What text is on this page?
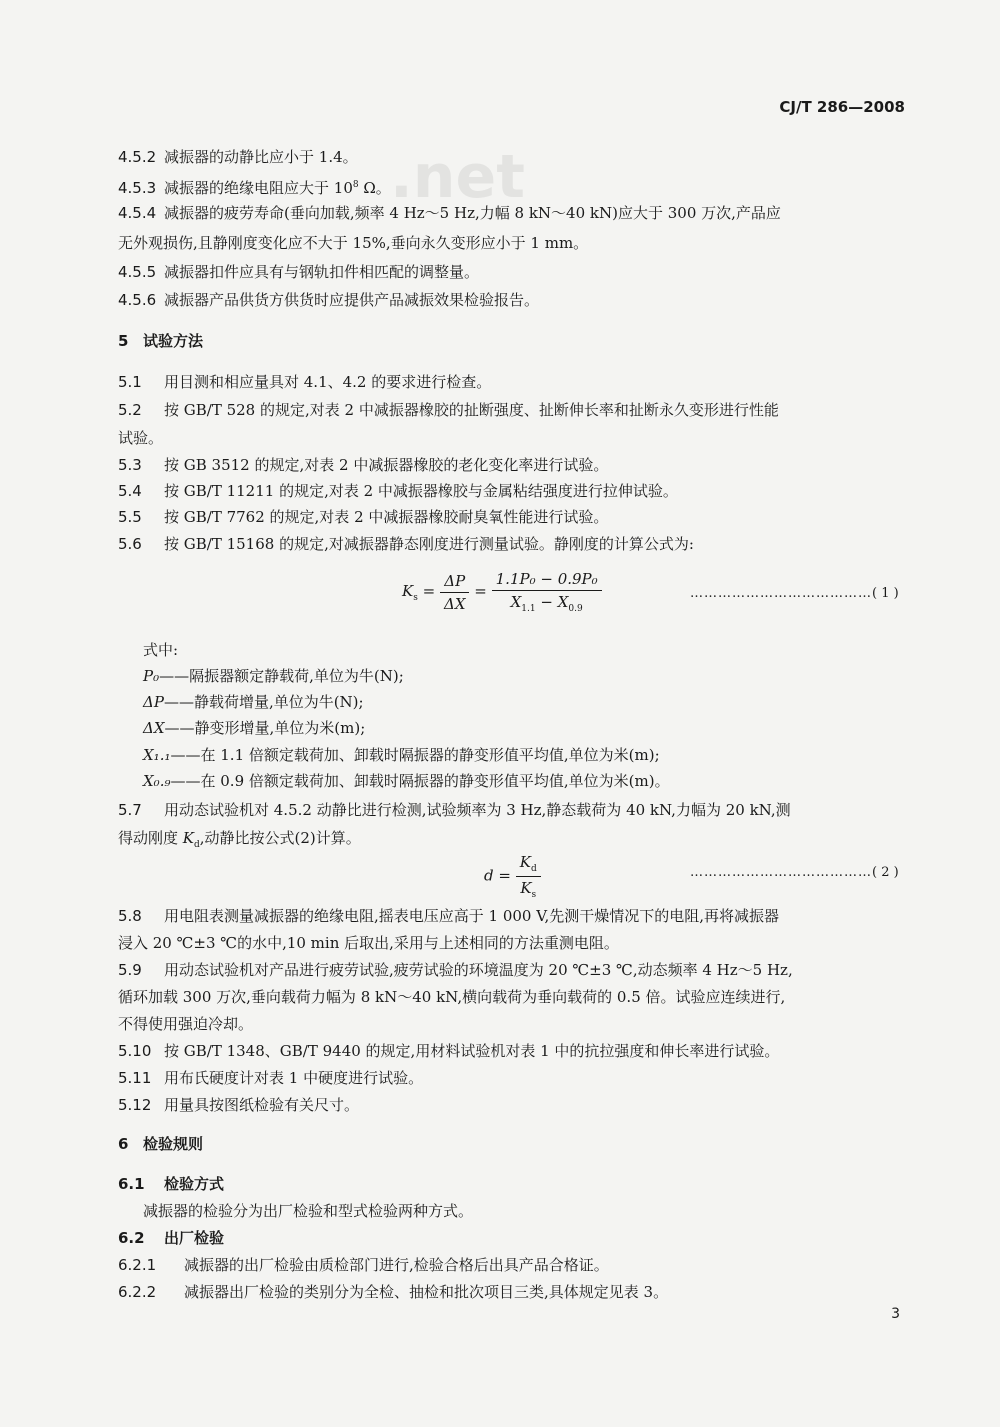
.net
CJ/T 286—2008
4.5.2 减振器的动静比应小于 1.4。
4.5.3 减振器的绝缘电阻应大于 $10^8$ Ω。
4.5.4 减振器的疲劳寿命(垂向加载,频率 4 Hz～5 Hz,力幅 8 kN～40 kN)应大于 300 万次,产品应
无外观损伤,且静刚度变化应不大于 15%,垂向永久变形应小于 1 mm。
4.5.5 减振器扣件应具有与钢轨扣件相匹配的调整量。
4.5.6 减振器产品供货方供货时应提供产品减振效果检验报告。
5 试验方法
5.1 用目测和相应量具对 4.1、4.2 的要求进行检查。
5.2 按 GB/T 528 的规定,对表 2 中减振器橡胶的扯断强度、扯断伸长率和扯断永久变形进行性能
试验。
5.3 按 GB 3512 的规定,对表 2 中减振器橡胶的老化变化率进行试验。
5.4 按 GB/T 11211 的规定,对表 2 中减振器橡胶与金属粘结强度进行拉伸试验。
5.5 按 GB/T 7762 的规定,对表 2 中减振器橡胶耐臭氧性能进行试验。
5.6 按 GB/T 15168 的规定,对减振器静态刚度进行测量试验。静刚度的计算公式为:
$K_s = \frac{\Delta P}{\Delta X} = \frac{\text{1.1P₀ − 0.9P₀}}{X_{1.1} - X_{0.9}}$	…………………………………( 1 )
式中:
P₀——隔振器额定静载荷,单位为牛(N);
ΔP——静载荷增量,单位为牛(N);
ΔX——静变形增量,单位为米(m);
X₁.₁——在 1.1 倍额定载荷加、卸载时隔振器的静变形值平均值,单位为米(m);
X₀.₉——在 0.9 倍额定载荷加、卸载时隔振器的静变形值平均值,单位为米(m)。
5.7 用动态试验机对 4.5.2 动静比进行检测,试验频率为 3 Hz,静态载荷为 40 kN,力幅为 20 kN,测
得动刚度 $K_d$,动静比按公式(2)计算。
$d = \frac{K_d}{K_s}$	…………………………………( 2 )
5.8 用电阻表测量减振器的绝缘电阻,摇表电压应高于 1 000 V,先测干燥情况下的电阻,再将减振器
浸入 20 ℃±3 ℃的水中,10 min 后取出,采用与上述相同的方法重测电阻。
5.9 用动态试验机对产品进行疲劳试验,疲劳试验的环境温度为 20 ℃±3 ℃,动态频率 4 Hz～5 Hz,
循环加载 300 万次,垂向载荷力幅为 8 kN～40 kN,横向载荷为垂向载荷的 0.5 倍。试验应连续进行,
不得使用强迫冷却。
5.10 按 GB/T 1348、GB/T 9440 的规定,用材料试验机对表 1 中的抗拉强度和伸长率进行试验。
5.11 用布氏硬度计对表 1 中硬度进行试验。
5.12 用量具按图纸检验有关尺寸。
6 检验规则
6.1 检验方式
减振器的检验分为出厂检验和型式检验两种方式。
6.2 出厂检验
6.2.1 减振器的出厂检验由质检部门进行,检验合格后出具产品合格证。
6.2.2 减振器出厂检验的类别分为全检、抽检和批次项目三类,具体规定见表 3。
3
